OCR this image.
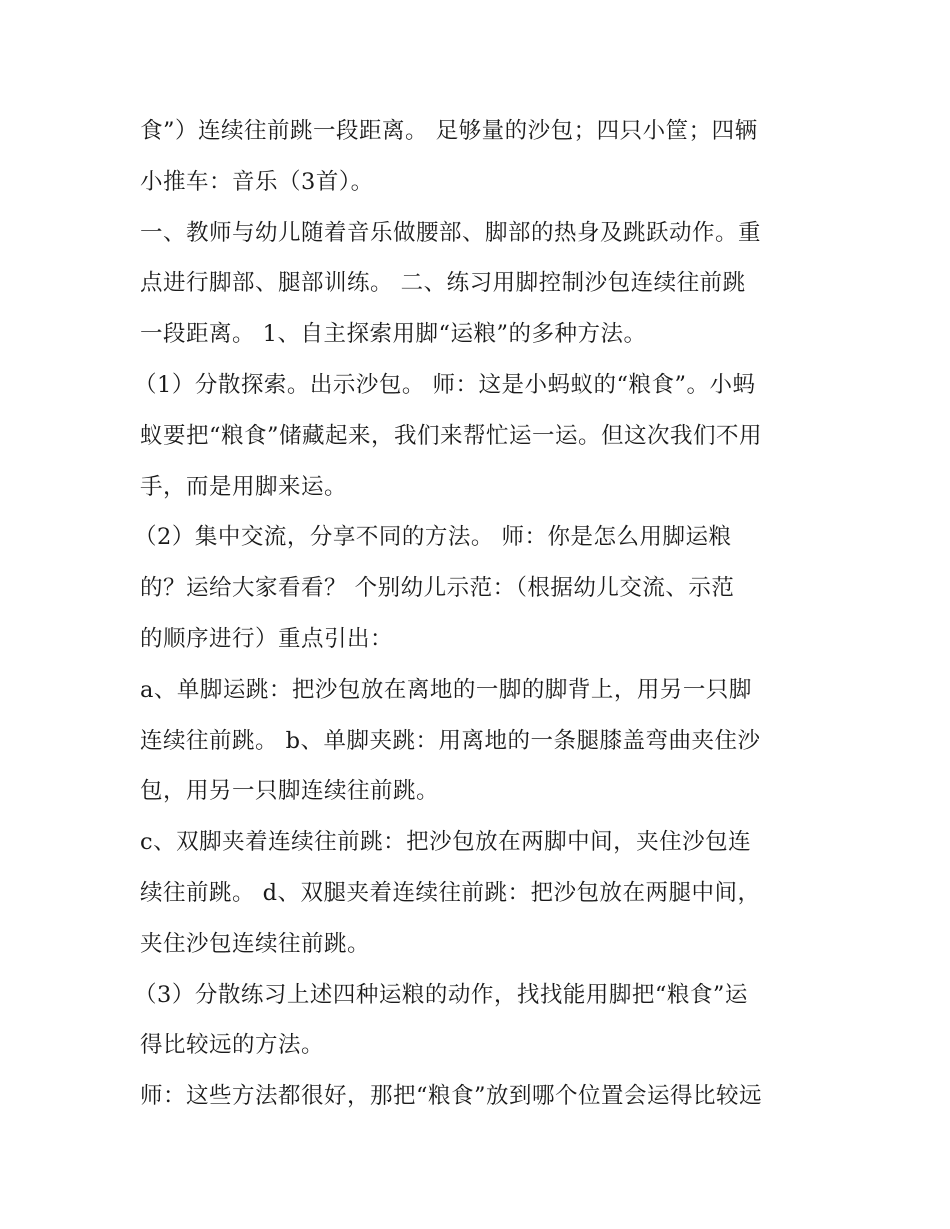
食”）连续往前跳一段距离。 足够量的沙包；四只小筐；四辆
小推车：音乐（3首）。
一、教师与幼儿随着音乐做腰部、脚部的热身及跳跃动作。重
点进行脚部、腿部训练。 二、练习用脚控制沙包连续往前跳
一段距离。 1、自主探索用脚“运粮”的多种方法。
（1）分散探索。出示沙包。 师：这是小蚂蚁的“粮食”。小蚂
蚁要把“粮食”储藏起来，我们来帮忙运一运。但这次我们不用
手，而是用脚来运。
（2）集中交流，分享不同的方法。 师：你是怎么用脚运粮
的？运给大家看看？ 个别幼儿示范：（根据幼儿交流、示范
的顺序进行）重点引出：
a、单脚运跳：把沙包放在离地的一脚的脚背上，用另一只脚
连续往前跳。 b、单脚夹跳：用离地的一条腿膝盖弯曲夹住沙
包，用另一只脚连续往前跳。
c、双脚夹着连续往前跳：把沙包放在两脚中间，夹住沙包连
续往前跳。 d、双腿夹着连续往前跳：把沙包放在两腿中间，
夹住沙包连续往前跳。
（3）分散练习上述四种运粮的动作，找找能用脚把“粮食”运
得比较远的方法。
师：这些方法都很好，那把“粮食”放到哪个位置会运得比较远
